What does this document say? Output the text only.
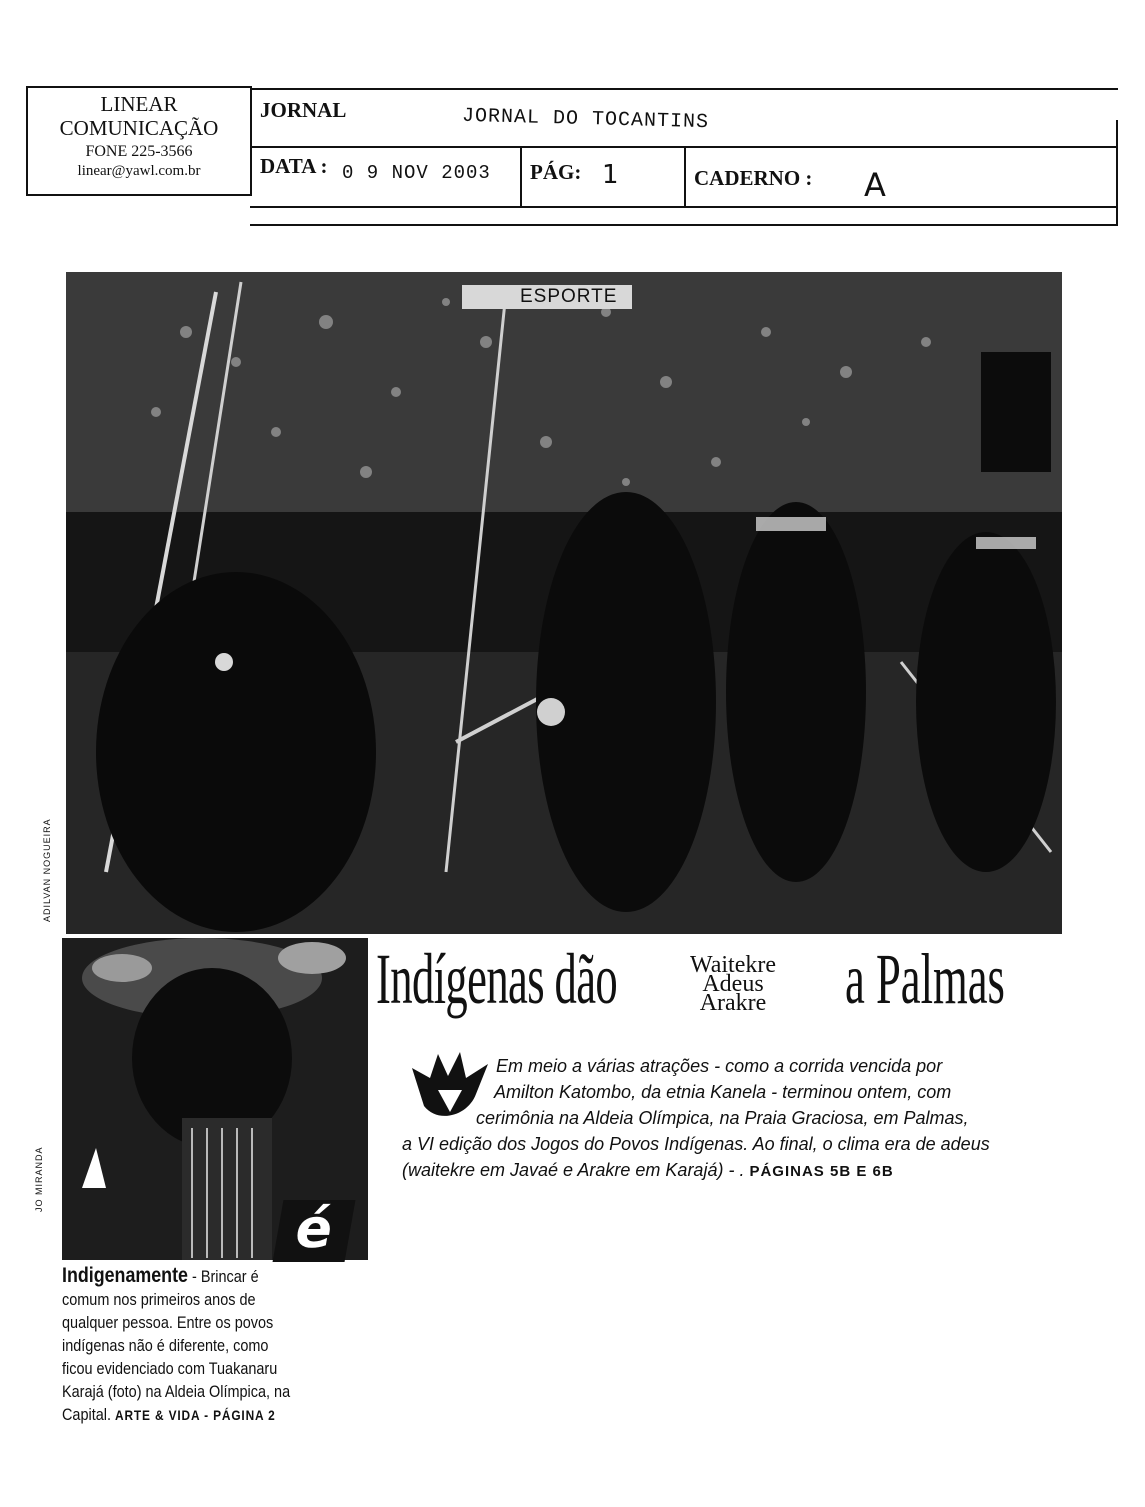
LINEAR
COMUNICAÇÃO
FONE 225-3566
linear@yawl.com.br
JORNAL	JORNAL DO TOCANTINS
DATA : 0 9 NOV 2003 PÁG: 1	CADERNO : A
ESPORTE
ADILVAN NOGUEIRA
Indígenas dão	Waitekre
Adeus
Arakre a Palmas
Em meio a várias atrações - como a corrida vencida por
Amilton Katombo, da etnia Kanela - terminou ontem, com
cerimônia na Aldeia Olímpica, na Praia Graciosa, em Palmas,
a VI edição dos Jogos do Povos Indígenas. Ao final, o clima era de adeus
(waitekre em Javaé e Arakre em Karajá) - . PÁGINAS 5B E 6B
JO MIRANDA
é
Indigenamente - Brincar é
comum nos primeiros anos de
qualquer pessoa. Entre os povos
indígenas não é diferente, como
ficou evidenciado com Tuakanaru
Karajá (foto) na Aldeia Olímpica, na
Capital. ARTE & VIDA - PÁGINA 2
